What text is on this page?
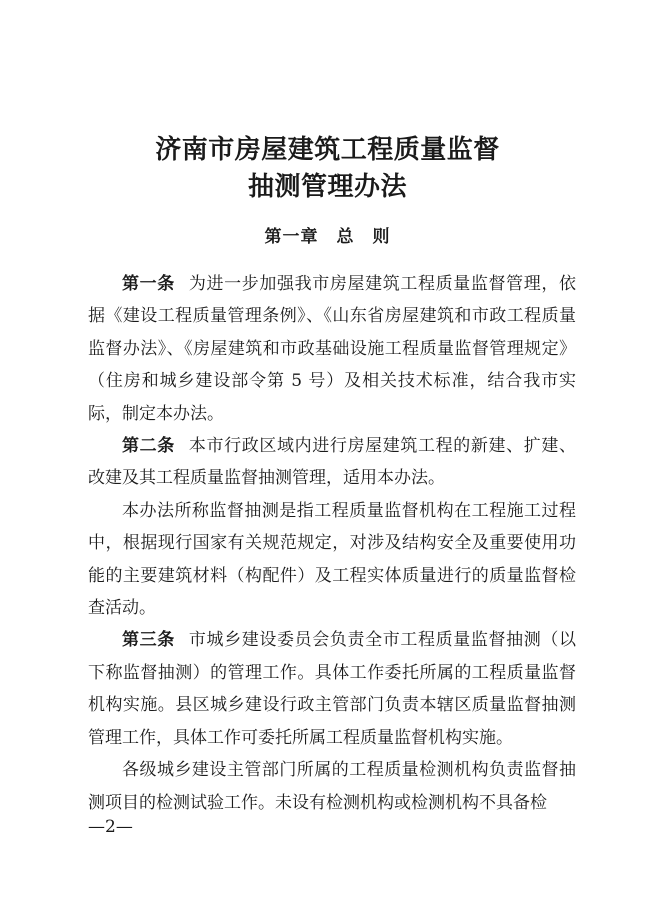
济南市房屋建筑工程质量监督
抽测管理办法
第一章 总 则

第一条 为进一步加强我市房屋建筑工程质量监督管理，依据《建设工程质量管理条例》、《山东省房屋建筑和市政工程质量监督办法》、《房屋建筑和市政基础设施工程质量监督管理规定》（住房和城乡建设部令第 5 号）及相关技术标准，结合我市实际，制定本办法。

第二条 本市行政区域内进行房屋建筑工程的新建、扩建、改建及其工程质量监督抽测管理，适用本办法。

本办法所称监督抽测是指工程质量监督机构在工程施工过程中，根据现行国家有关规范规定，对涉及结构安全及重要使用功能的主要建筑材料（构配件）及工程实体质量进行的质量监督检查活动。

第三条 市城乡建设委员会负责全市工程质量监督抽测（以下称监督抽测）的管理工作。具体工作委托所属的工程质量监督机构实施。县区城乡建设行政主管部门负责本辖区质量监督抽测管理工作，具体工作可委托所属工程质量监督机构实施。

各级城乡建设主管部门所属的工程质量检测机构负责监督抽测项目的检测试验工作。未设有检测机构或检测机构不具备检

—2—
